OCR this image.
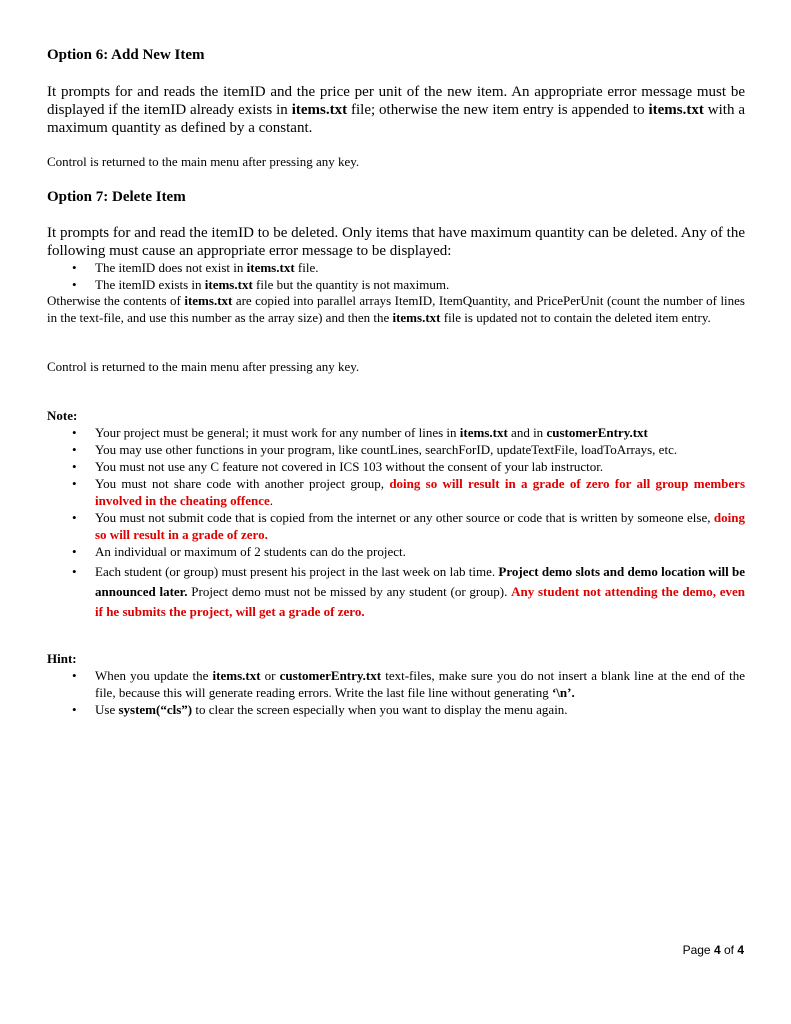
Option 6: Add New Item

It prompts for and reads the itemID and the price per unit of the new item. An appropriate error message must be displayed if the itemID already exists in items.txt file; otherwise the new item entry is appended to items.txt with a maximum quantity as defined by a constant.

Control is returned to the main menu after pressing any key.

Option 7: Delete Item

It prompts for and read the itemID to be deleted. Only items that have maximum quantity can be deleted. Any of the following must cause an appropriate error message to be displayed:

•	The itemID does not exist in items.txt file.
•	The itemID exists in items.txt file but the quantity is not maximum.

Otherwise the contents of items.txt are copied into parallel arrays ItemID, ItemQuantity, and PricePerUnit (count the number of lines in the text-file, and use this number as the array size) and then the items.txt file is updated not to contain the deleted item entry.

Control is returned to the main menu after pressing any key.

Note:

•	Your project must be general; it must work for any number of lines in items.txt and in customerEntry.txt
•	You may use other functions in your program, like countLines, searchForID, updateTextFile, loadToArrays, etc.
•	You must not use any C feature not covered in ICS 103 without the consent of your lab instructor.
•	You must not share code with another project group, doing so will result in a grade of zero for all group members involved in the cheating offence.
•	You must not submit code that is copied from the internet or any other source or code that is written by someone else, doing so will result in a grade of zero.
•	An individual or maximum of 2 students can do the project.
•	Each student (or group) must present his project in the last week on lab time. Project demo slots and demo location will be announced later. Project demo must not be missed by any student (or group). Any student not attending the demo, even if he submits the project, will get a grade of zero.

Hint:

•	When you update the items.txt or customerEntry.txt text-files, make sure you do not insert a blank line at the end of the file, because this will generate reading errors. Write the last file line without generating ‘\n’.
•	Use system(“cls”) to clear the screen especially when you want to display the menu again.
Page 4 of 4
